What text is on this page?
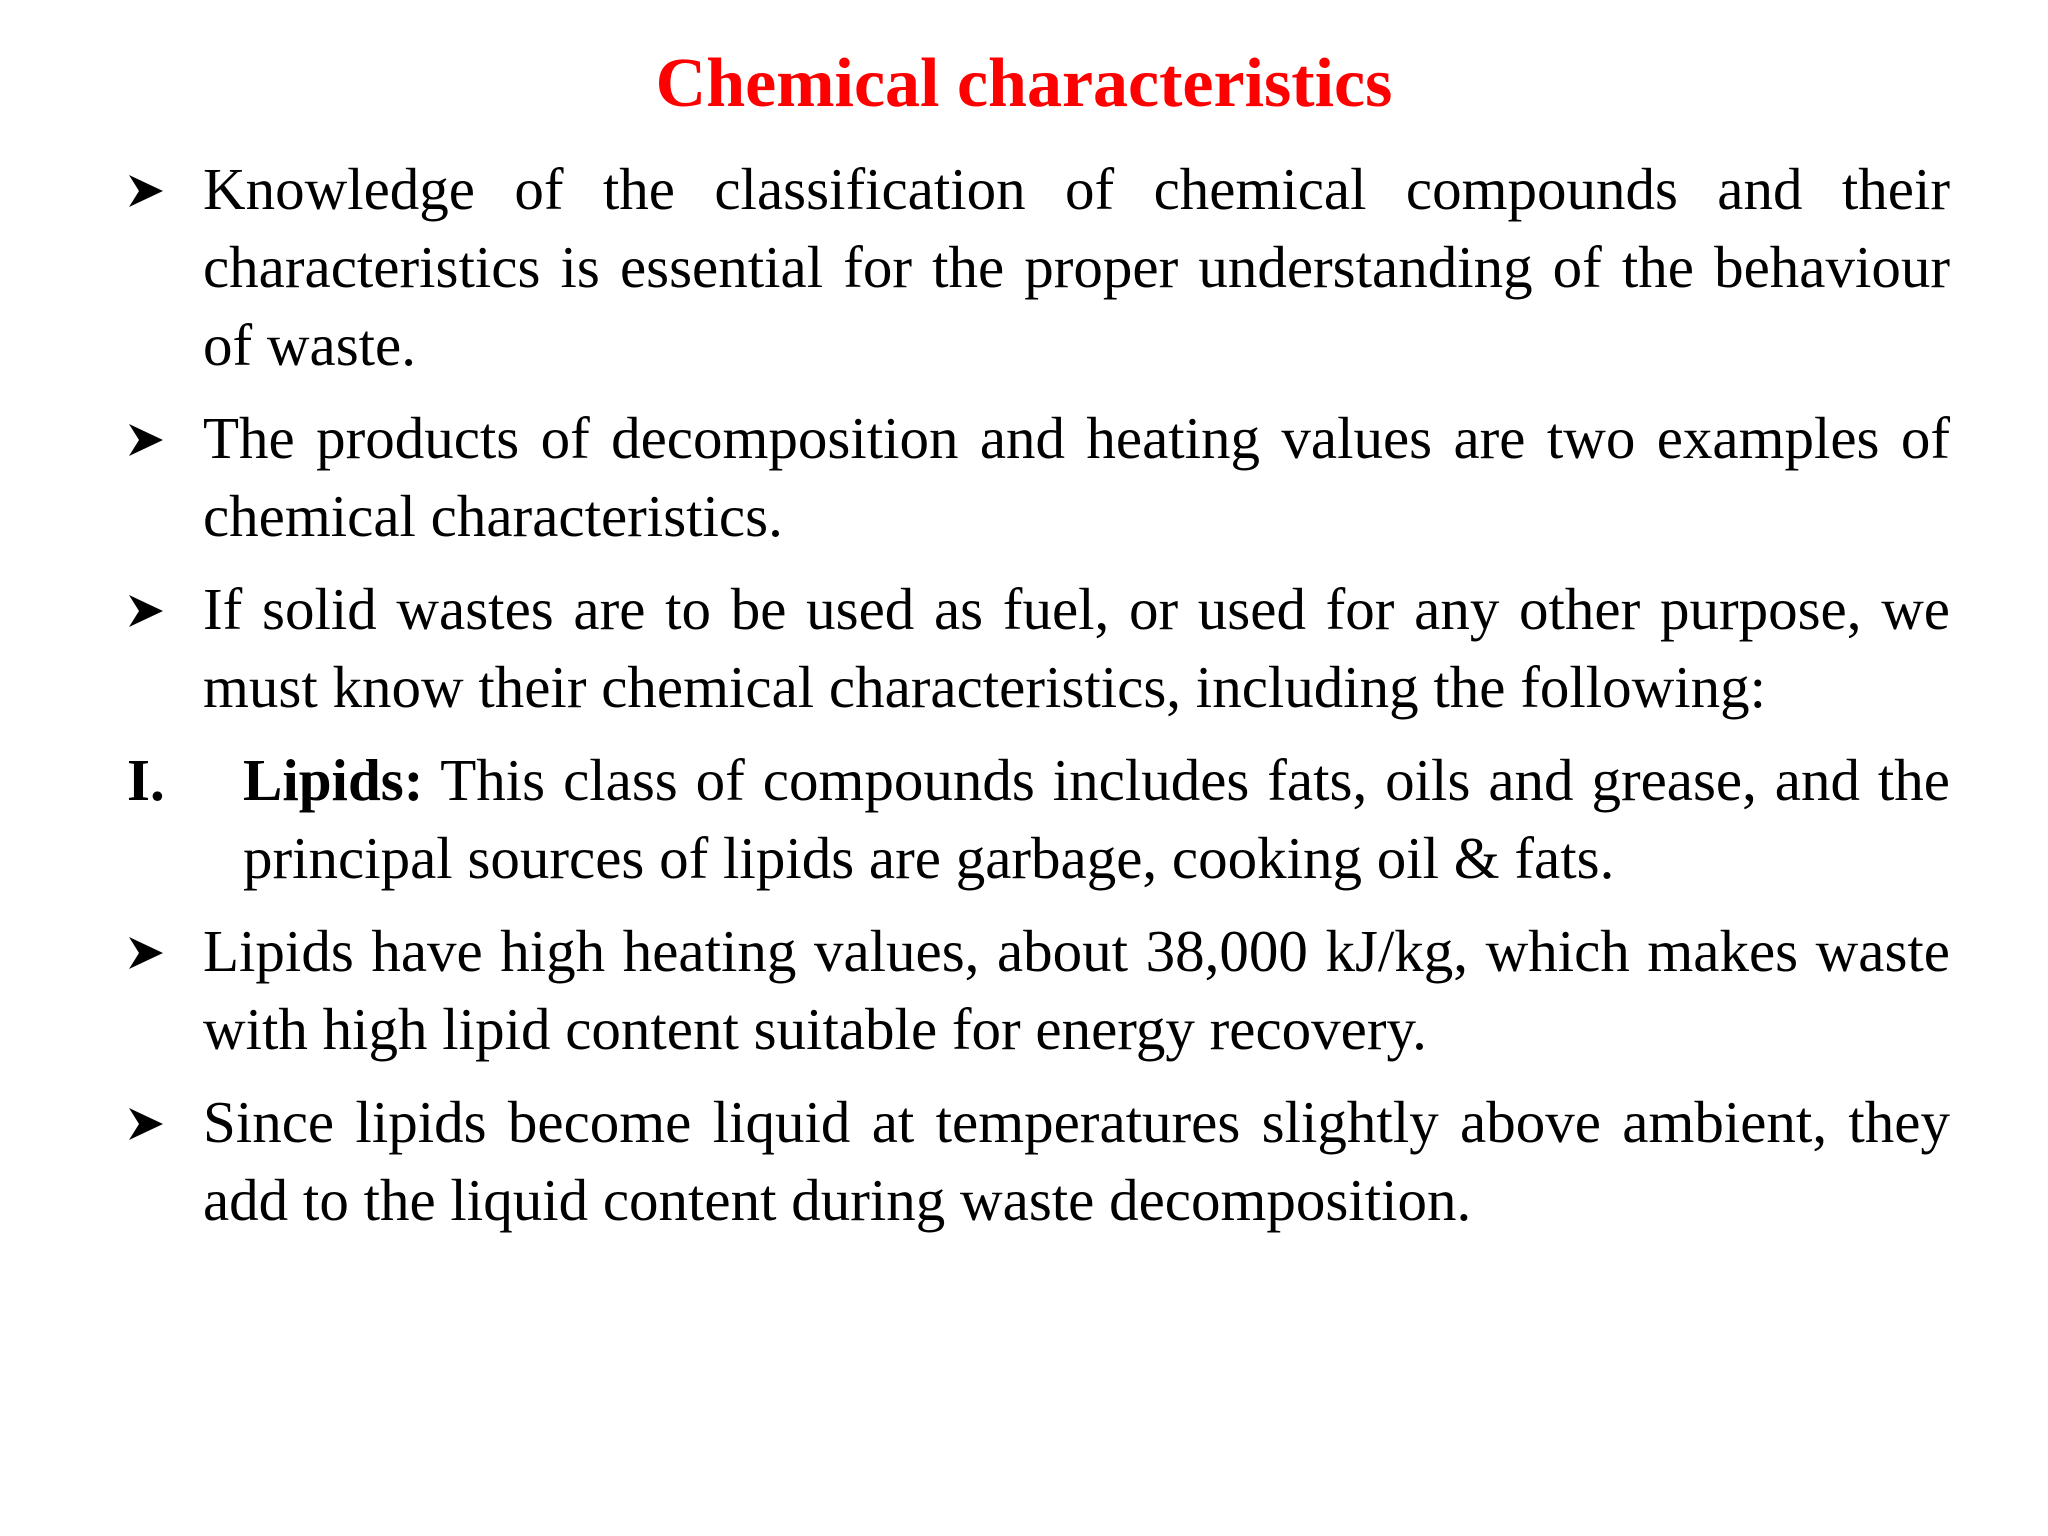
Chemical characteristics
Knowledge of the classification of chemical compounds and their characteristics is essential for the proper understanding of the behaviour of waste.
The products of decomposition and heating values are two examples of chemical characteristics.
If solid wastes are to be used as fuel, or used for any other purpose, we must know their chemical characteristics, including the following:
I. Lipids: This class of compounds includes fats, oils and grease, and the principal sources of lipids are garbage, cooking oil & fats.
Lipids have high heating values, about 38,000 kJ/kg, which makes waste with high lipid content suitable for energy recovery.
Since lipids become liquid at temperatures slightly above ambient, they add to the liquid content during waste decomposition.
